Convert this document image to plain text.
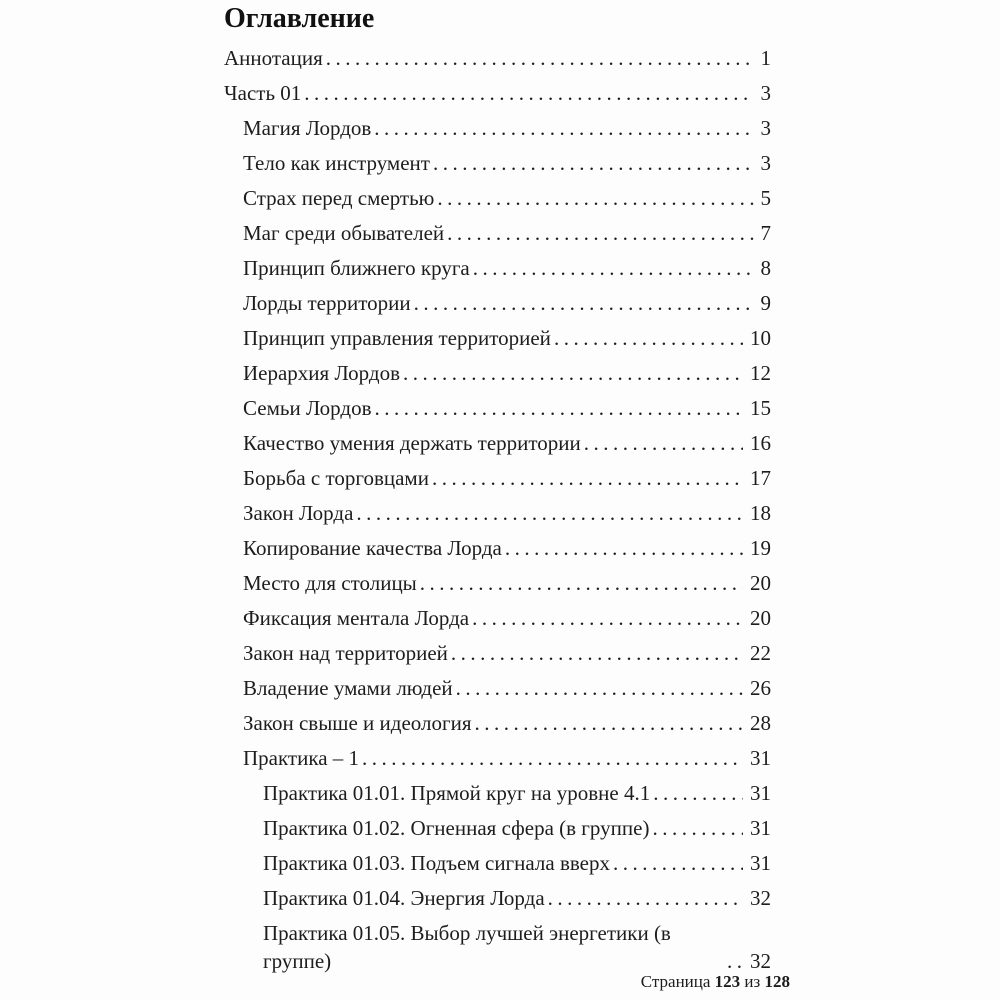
Оглавление
Аннотация .....	1
Часть 01 .....	3
Магия Лордов .....	3
Тело как инструмент .....	3
Страх перед смертью .....	5
Маг среди обывателей .....	7
Принцип ближнего круга .....	8
Лорды территории .....	9
Принцип управления территорией .....	10
Иерархия Лордов .....	12
Семьи Лордов .....	15
Качество умения держать территории .....	16
Борьба с торговцами .....	17
Закон Лорда .....	18
Копирование качества Лорда .....	19
Место для столицы .....	20
Фиксация ментала Лорда .....	20
Закон над территорией .....	22
Владение умами людей .....	26
Закон свыше и идеология .....	28
Практика – 1 .....	31
Практика 01.01. Прямой круг на уровне 4.1 .....	31
Практика 01.02. Огненная сфера (в группе) .....	31
Практика 01.03. Подъем сигнала вверх .....	31
Практика 01.04. Энергия Лорда .....	32
Практика 01.05. Выбор лучшей энергетики (в группе) .....	32
Страница 123 из 128
